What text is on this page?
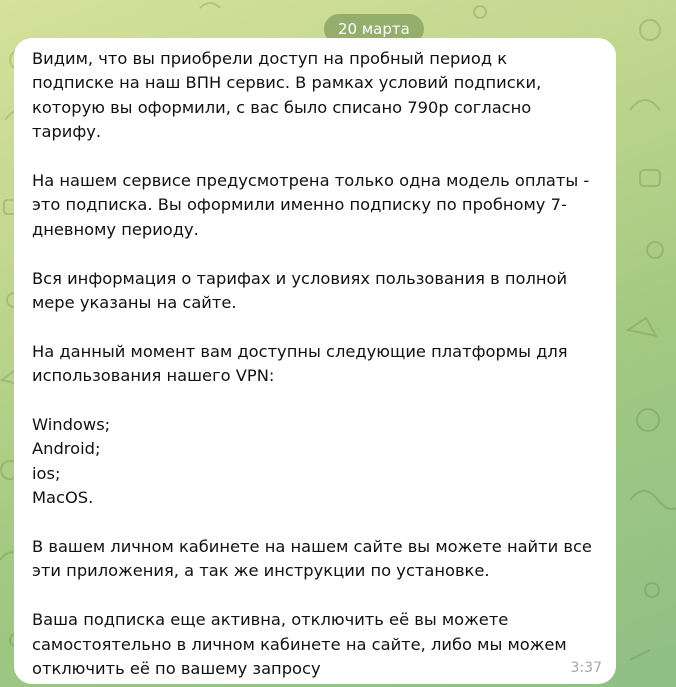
20 марта

Видим, что вы приобрели доступ на пробный период к
подписке на наш ВПН сервис. В рамках условий подписки,
которую вы оформили, с вас было списано 790р согласно
тарифу.

На нашем сервисе предусмотрена только одна модель оплаты -
это подписка. Вы оформили именно подписку по пробному 7-
дневному периоду.

Вся информация о тарифах и условиях пользования в полной
мере указаны на сайте.

На данный момент вам доступны следующие платформы для
использования нашего VPN:

Windows;
Android;
ios;
MacOS.

В вашем личном кабинете на нашем сайте вы можете найти все
эти приложения, а так же инструкции по установке.

Ваша подписка еще активна, отключить её вы можете
самостоятельно в личном кабинете на сайте, либо мы можем
отключить её по вашему запросу	3:37
